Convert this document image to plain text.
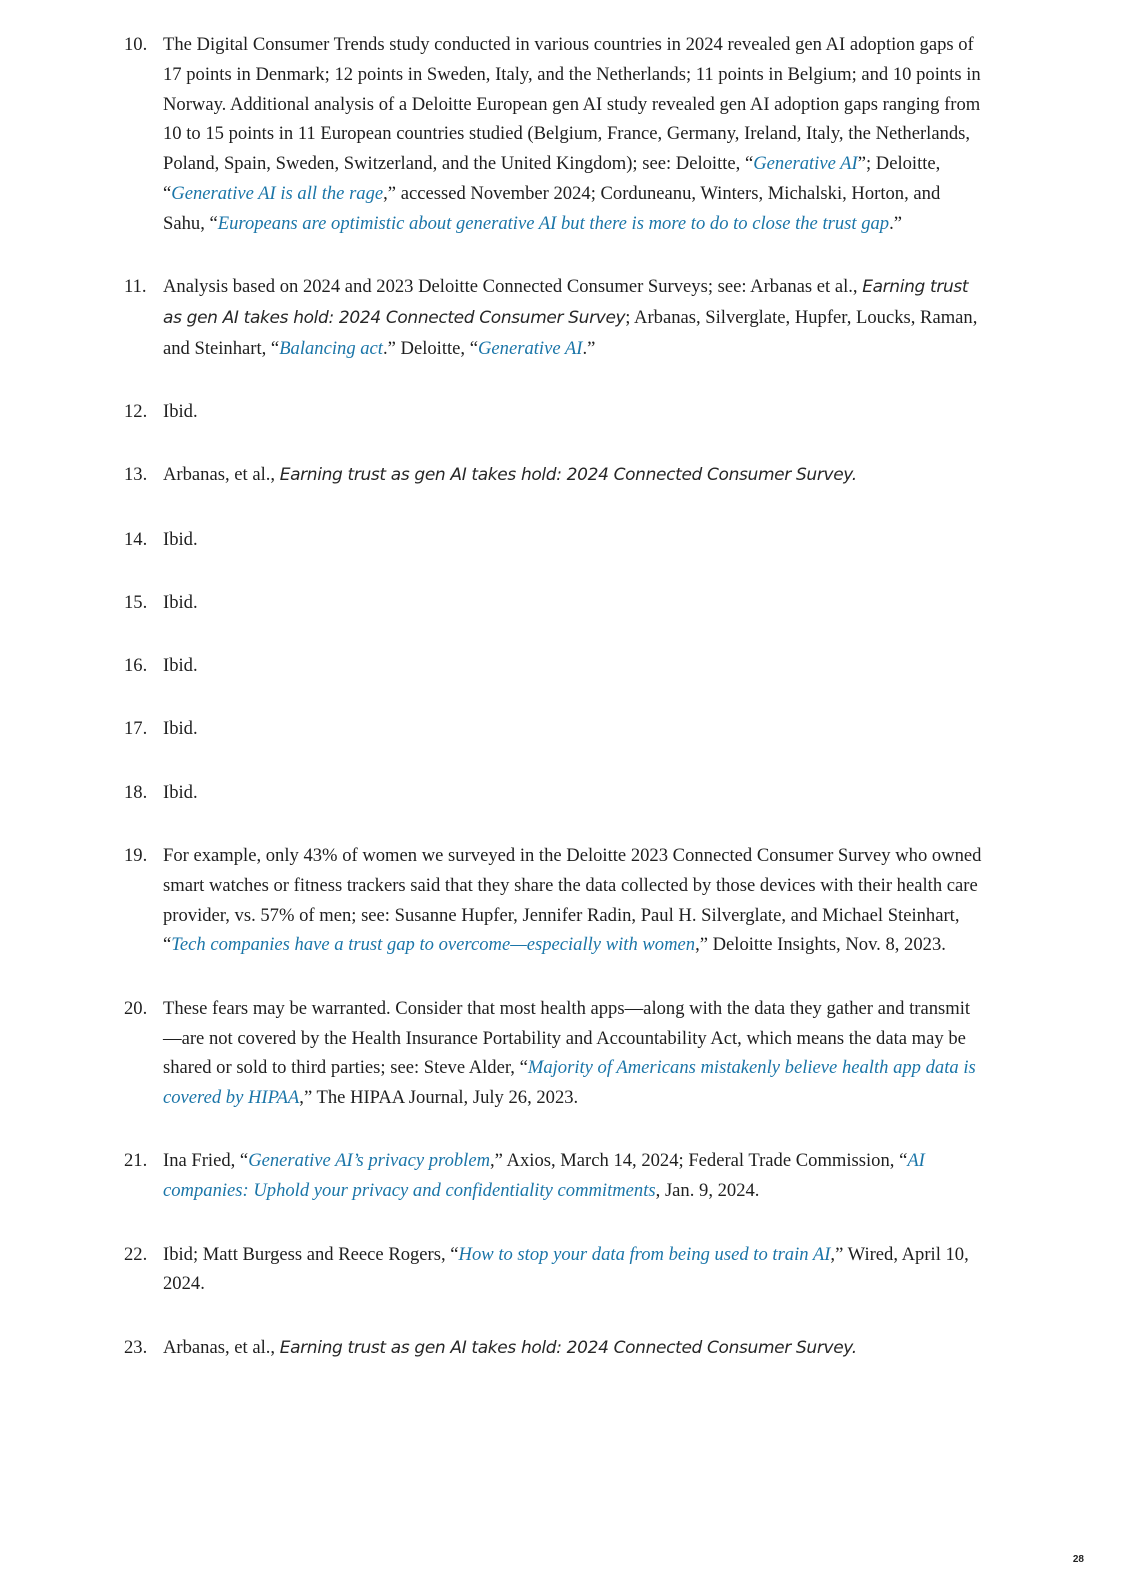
10. The Digital Consumer Trends study conducted in various countries in 2024 revealed gen AI adoption gaps of 17 points in Denmark; 12 points in Sweden, Italy, and the Netherlands; 11 points in Belgium; and 10 points in Norway. Additional analysis of a Deloitte European gen AI study revealed gen AI adoption gaps ranging from 10 to 15 points in 11 European countries studied (Belgium, France, Germany, Ireland, Italy, the Netherlands, Poland, Spain, Sweden, Switzerland, and the United Kingdom); see: Deloitte, “Generative AI”; Deloitte, “Generative AI is all the rage,” accessed November 2024; Corduneanu, Winters, Michalski, Horton, and Sahu, “Europeans are optimistic about generative AI but there is more to do to close the trust gap.”
11. Analysis based on 2024 and 2023 Deloitte Connected Consumer Surveys; see: Arbanas et al., Earning trust as gen AI takes hold: 2024 Connected Consumer Survey; Arbanas, Silverglate, Hupfer, Loucks, Raman, and Steinhart, “Balancing act.” Deloitte, “Generative AI.”
12. Ibid.
13. Arbanas, et al., Earning trust as gen AI takes hold: 2024 Connected Consumer Survey.
14. Ibid.
15. Ibid.
16. Ibid.
17. Ibid.
18. Ibid.
19. For example, only 43% of women we surveyed in the Deloitte 2023 Connected Consumer Survey who owned smart watches or fitness trackers said that they share the data collected by those devices with their health care provider, vs. 57% of men; see: Susanne Hupfer, Jennifer Radin, Paul H. Silverglate, and Michael Steinhart, “Tech companies have a trust gap to overcome—especially with women,” Deloitte Insights, Nov. 8, 2023.
20. These fears may be warranted. Consider that most health apps—along with the data they gather and transmit—are not covered by the Health Insurance Portability and Accountability Act, which means the data may be shared or sold to third parties; see: Steve Alder, “Majority of Americans mistakenly believe health app data is covered by HIPAA,” The HIPAA Journal, July 26, 2023.
21. Ina Fried, “Generative AI’s privacy problem,” Axios, March 14, 2024; Federal Trade Commission, “AI companies: Uphold your privacy and confidentiality commitments, Jan. 9, 2024.
22. Ibid; Matt Burgess and Reece Rogers, “How to stop your data from being used to train AI,” Wired, April 10, 2024.
23. Arbanas, et al., Earning trust as gen AI takes hold: 2024 Connected Consumer Survey.
28
